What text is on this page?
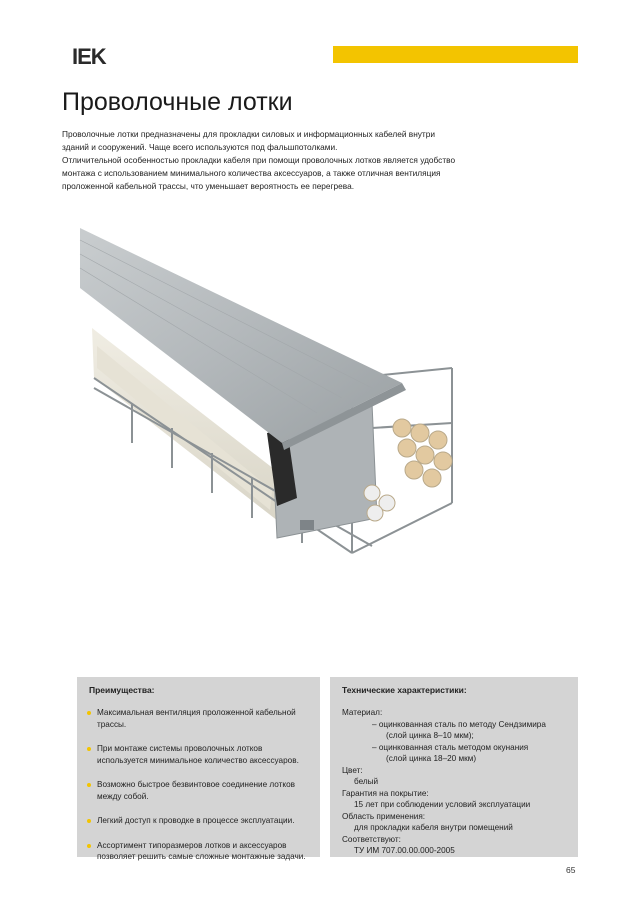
IEK
Проволочные лотки

Проволочные лотки предназначены для прокладки силовых и информационных кабелей внутри зданий и сооружений. Чаще всего используются под фальшпотолками.

Отличительной особенностью прокладки кабеля при помощи проволочных лотков является удобство монтажа с использованием минимального количества аксессуаров, а также отличная вентиляция проложенной кабельной трассы, что уменьшает вероятность ее перегрева.

Преимущества:
Максимальная вентиляция проложенной кабельной трассы.
При монтаже системы проволочных лотков используется минимальное количество аксессуаров.
Возможно быстрое безвинтовое соединение лотков между собой.
Легкий доступ к проводке в процессе эксплуатации.
Ассортимент типоразмеров лотков и аксессуаров позволяет решить самые сложные монтажные задачи.
Технические характеристики:
Материал:
– оцинкованная сталь по методу Сендзимира
(слой цинка 8–10 мкм);
– оцинкованная сталь методом окунания
(слой цинка 18–20 мкм)
Цвет:
белый
Гарантия на покрытие:
15 лет при соблюдении условий эксплуатации
Область применения:
для прокладки кабеля внутри помещений
Соответствуют:
ТУ ИМ 707.00.00.000-2005
65
